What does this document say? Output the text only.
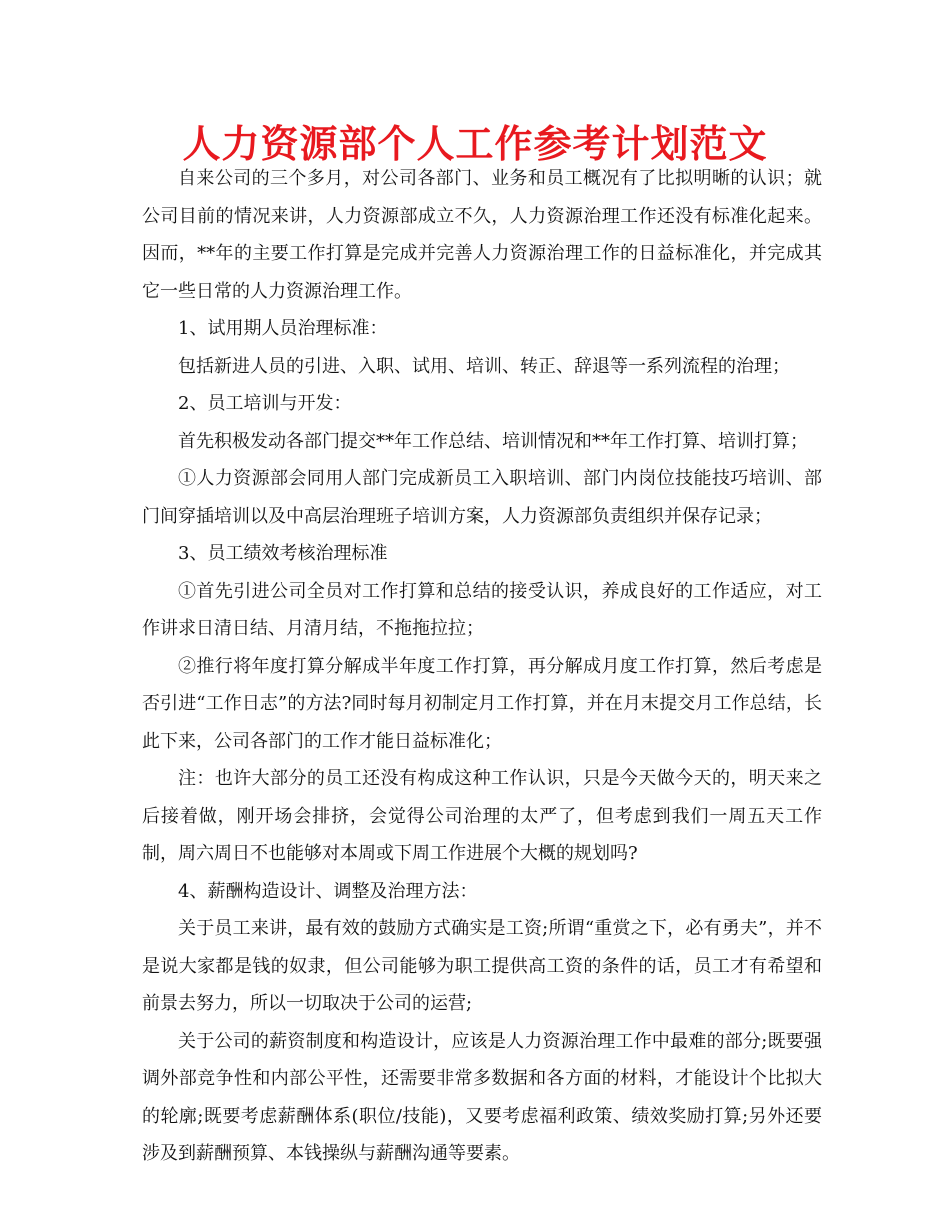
人力资源部个人工作参考计划范文

自来公司的三个多月，对公司各部门、业务和员工概况有了比拟明晰的认识；就公司目前的情况来讲，人力资源部成立不久，人力资源治理工作还没有标准化起来。因而，**年的主要工作打算是完成并完善人力资源治理工作的日益标准化，并完成其它一些日常的人力资源治理工作。

1、试用期人员治理标准：

包括新进人员的引进、入职、试用、培训、转正、辞退等一系列流程的治理；

2、员工培训与开发：

首先积极发动各部门提交**年工作总结、培训情况和**年工作打算、培训打算；

①人力资源部会同用人部门完成新员工入职培训、部门内岗位技能技巧培训、部门间穿插培训以及中高层治理班子培训方案，人力资源部负责组织并保存记录；

3、员工绩效考核治理标准

①首先引进公司全员对工作打算和总结的接受认识，养成良好的工作适应，对工作讲求日清日结、月清月结，不拖拖拉拉；

②推行将年度打算分解成半年度工作打算，再分解成月度工作打算，然后考虑是否引进“工作日志”的方法?同时每月初制定月工作打算，并在月末提交月工作总结，长此下来，公司各部门的工作才能日益标准化；

注：也许大部分的员工还没有构成这种工作认识，只是今天做今天的，明天来之后接着做，刚开场会排挤，会觉得公司治理的太严了，但考虑到我们一周五天工作制，周六周日不也能够对本周或下周工作进展个大概的规划吗?

4、薪酬构造设计、调整及治理方法：

关于员工来讲，最有效的鼓励方式确实是工资;所谓“重赏之下，必有勇夫”，并不是说大家都是钱的奴隶，但公司能够为职工提供高工资的条件的话，员工才有希望和前景去努力，所以一切取决于公司的运营;

关于公司的薪资制度和构造设计，应该是人力资源治理工作中最难的部分;既要强调外部竞争性和内部公平性，还需要非常多数据和各方面的材料，才能设计个比拟大的轮廓;既要考虑薪酬体系(职位/技能)，又要考虑福利政策、绩效奖励打算;另外还要涉及到薪酬预算、本钱操纵与薪酬沟通等要素。
